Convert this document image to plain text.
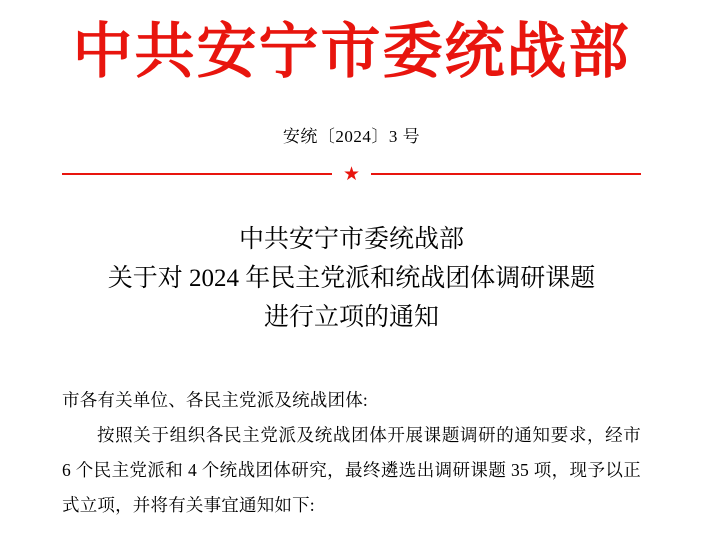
中共安宁市委统战部
安统〔2024〕3 号
★
中共安宁市委统战部
关于对 2024 年民主党派和统战团体调研课题
进行立项的通知

市各有关单位、各民主党派及统战团体:

按照关于组织各民主党派及统战团体开展课题调研的通知要求，经市 6 个民主党派和 4 个统战团体研究，最终遴选出调研课题 35 项，现予以正式立项，并将有关事宜通知如下:
